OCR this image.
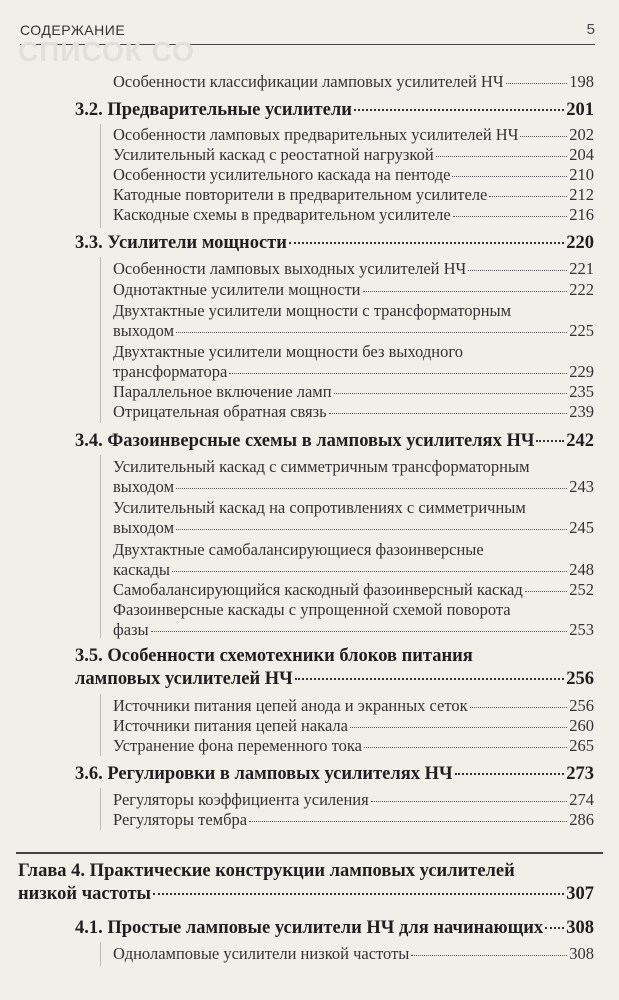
СОДЕРЖАНИЕ	5
СПИСОК СО
Особенности классификации ламповых усилителей НЧ	198
3.2. Предварительные усилители	201
Особенности ламповых предварительных усилителей НЧ	202
Усилительный каскад с реостатной нагрузкой	204
Особенности усилительного каскада на пентоде	210
Катодные повторители в предварительном усилителе	212
Каскодные схемы в предварительном усилителе	216
3.3. Усилители мощности	220
Особенности ламповых выходных усилителей НЧ	221
Однотактные усилители мощности	222
Двухтактные усилители мощности с трансформаторным
выходом	225
Двухтактные усилители мощности без выходного
трансформатора	229
Параллельное включение ламп	235
Отрицательная обратная связь	239
3.4. Фазоинверсные схемы в ламповых усилителях НЧ 242
Усилительный каскад с симметричным трансформаторным
выходом	243
Усилительный каскад на сопротивлениях с симметричным
выходом	245
Двухтактные самобалансирующиеся фазоинверсные
каскады	248
Самобалансирующийся каскодный фазоинверсный каскад	252
Фазоинверсные каскады с упрощенной схемой поворота
фазы	253
3.5. Особенности схемотехники блоков питания
ламповых усилителей НЧ	256
Источники питания цепей анода и экранных сеток	256
Источники питания цепей накала	260
Устранение фона переменного тока	265
3.6. Регулировки в ламповых усилителях НЧ	273
Регуляторы коэффициента усиления	274
Регуляторы тембра	286
Глава 4. Практические конструкции ламповых усилителей
низкой частоты	307
4.1. Простые ламповые усилители НЧ для начинающих 308
Одноламповые усилители низкой частоты	308
